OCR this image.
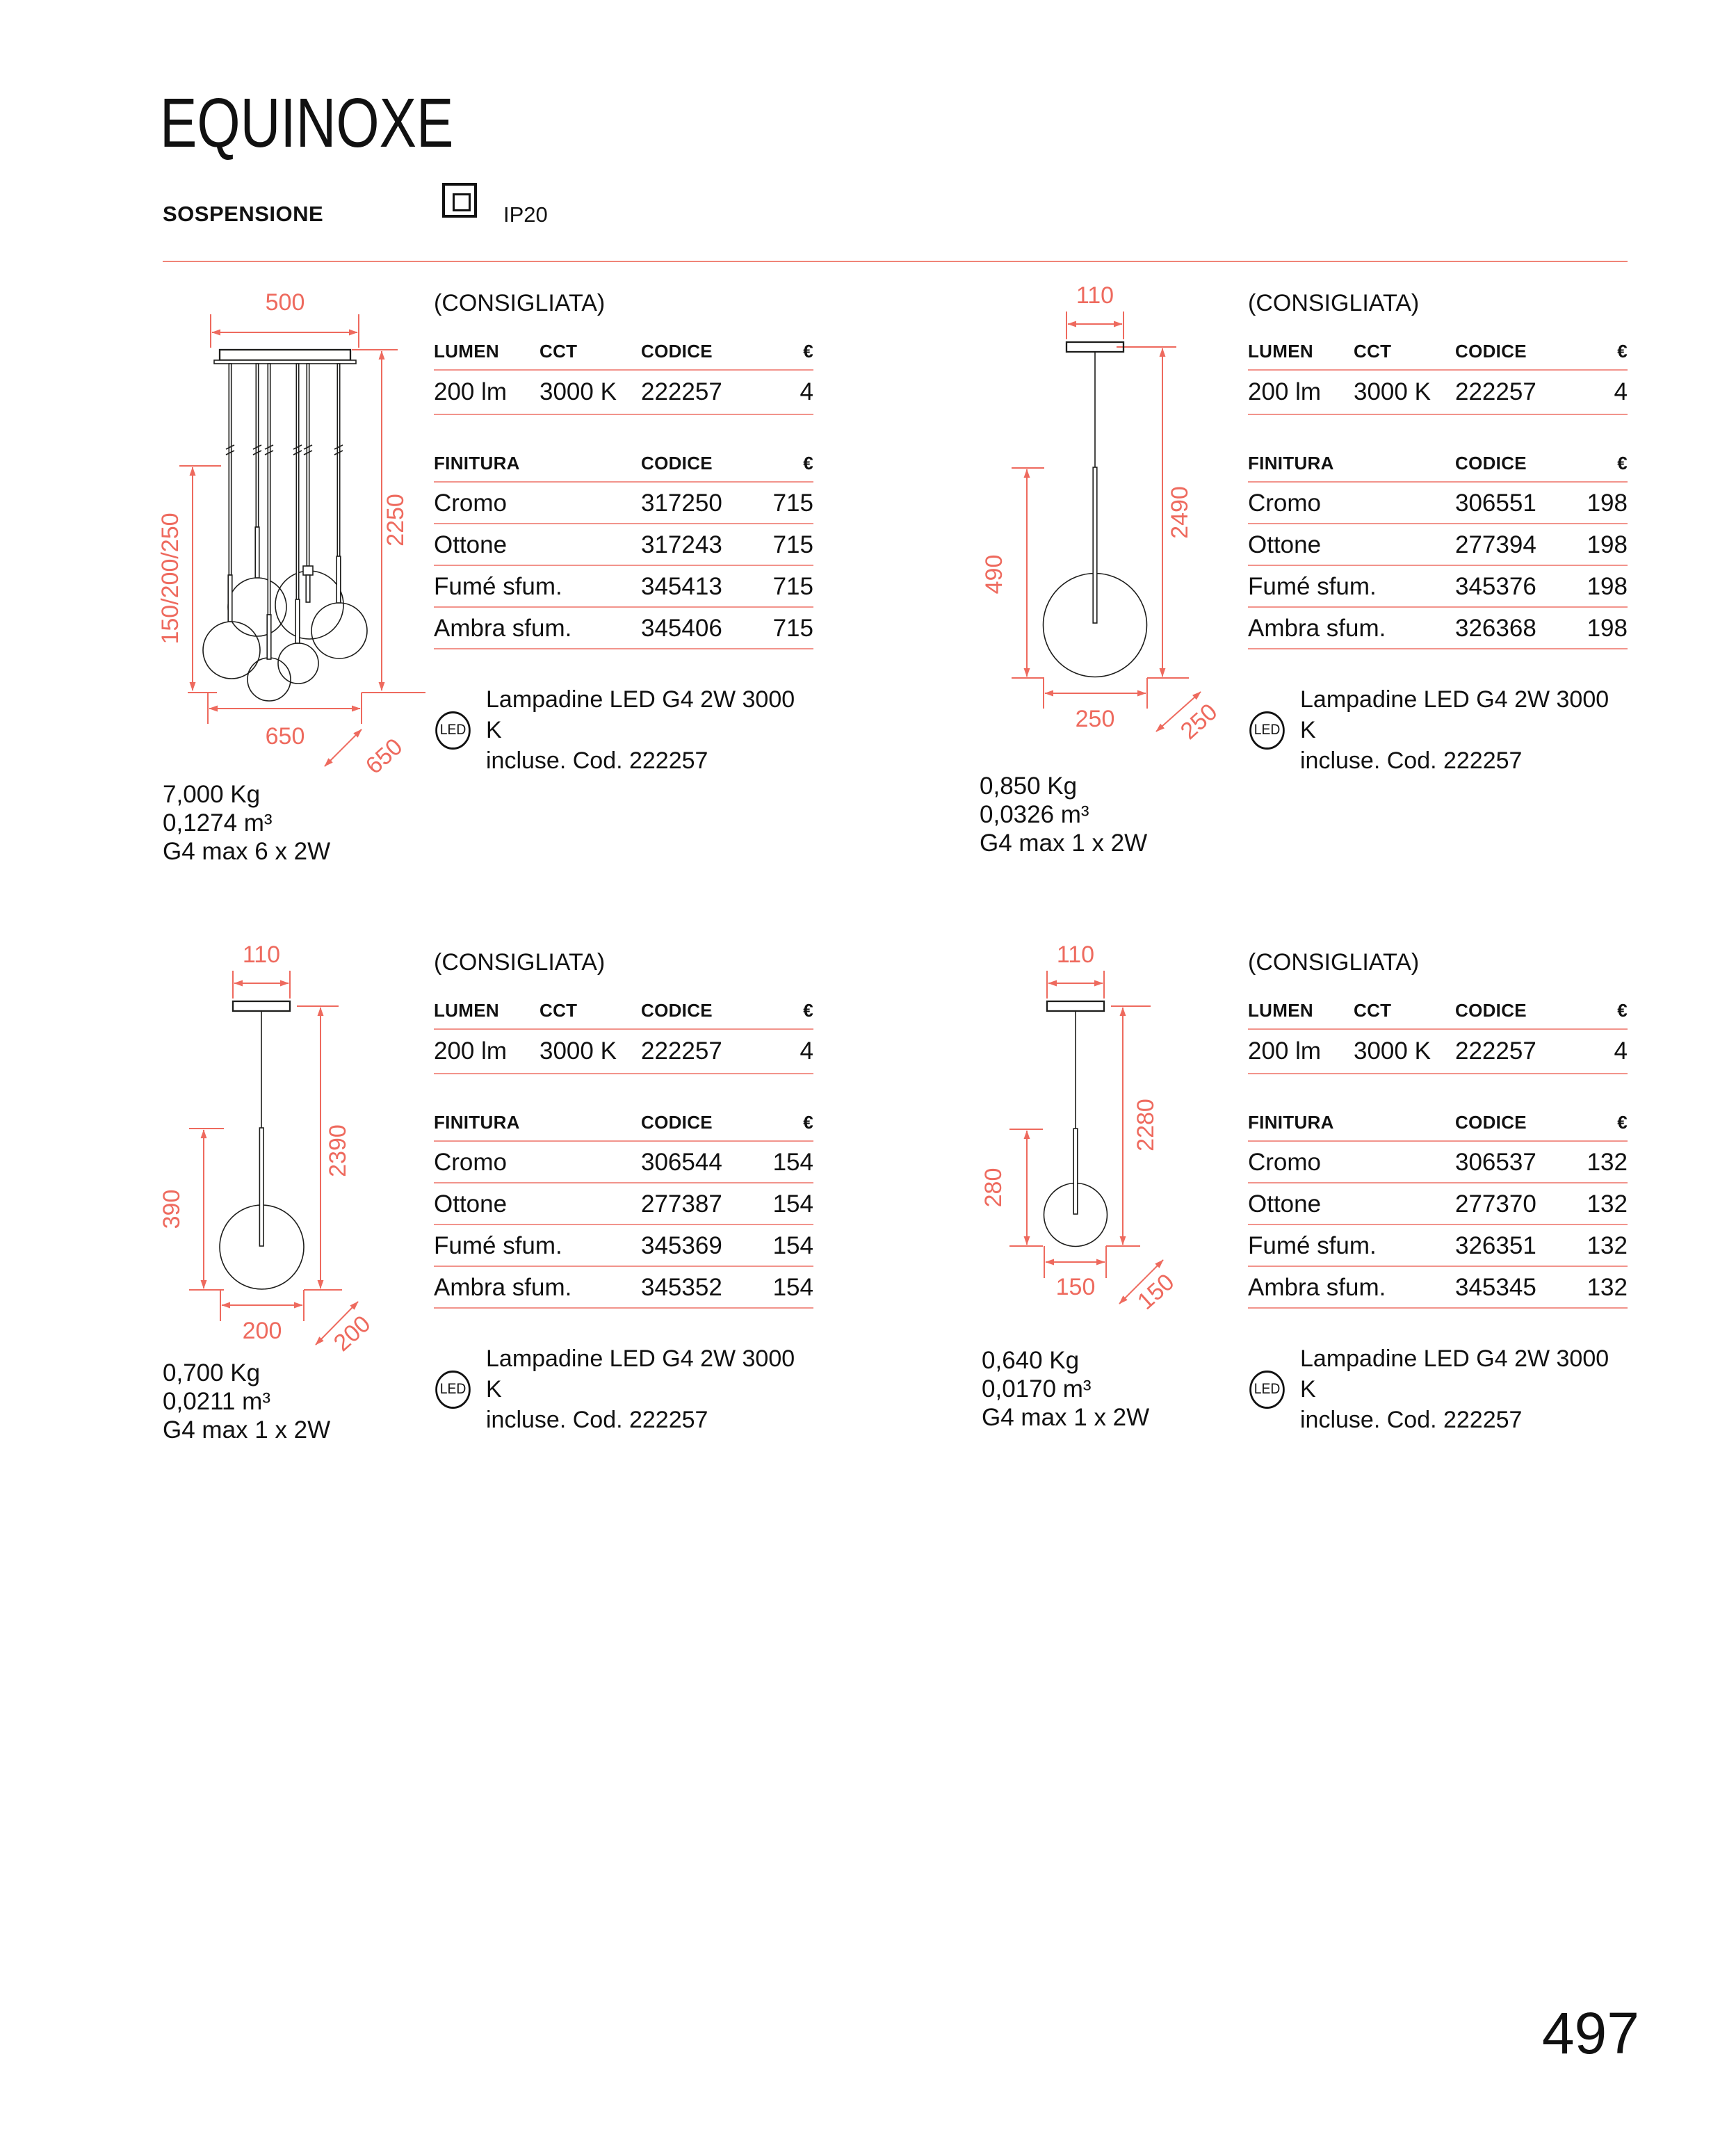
EQUINOXE
SOSPENSIONE	IP20
500
150/200/250	2250
650 650
110
490
2490
250	250
110
390
2390
200 200
110
280
2280
150 150
(CONSIGLIATA)
LUMEN	CCT	CODICE	€
200 lm	3000 K	222257	4
FINITURA	CODICE	€
Cromo	317250	715
Ottone	317243	715
Fumé sfum.	345413	715
Ambra sfum.	345406	715
LED
Lampadine LED G4 2W 3000 K
incluse. Cod. 222257
(CONSIGLIATA)
LUMEN	CCT	CODICE	€
200 lm	3000 K	222257	4
FINITURA	CODICE	€
Cromo	306551	198
Ottone	277394	198
Fumé sfum.	345376	198
Ambra sfum.	326368	198
LED
Lampadine LED G4 2W 3000 K
incluse. Cod. 222257
(CONSIGLIATA)
LUMEN	CCT	CODICE	€
200 lm	3000 K	222257	4
FINITURA	CODICE	€
Cromo	306544	154
Ottone	277387	154
Fumé sfum.	345369	154
Ambra sfum.	345352	154
LED
Lampadine LED G4 2W 3000 K
incluse. Cod. 222257
(CONSIGLIATA)
LUMEN	CCT	CODICE	€
200 lm	3000 K	222257	4
FINITURA	CODICE	€
Cromo	306537	132
Ottone	277370	132
Fumé sfum.	326351	132
Ambra sfum.	345345	132
LED
Lampadine LED G4 2W 3000 K
incluse. Cod. 222257
7,000 Kg
0,1274 m³
G4 max 6 x 2W
0,850 Kg
0,0326 m³
G4 max 1 x 2W
0,700 Kg
0,0211 m³
G4 max 1 x 2W
0,640 Kg
0,0170 m³
G4 max 1 x 2W
497
